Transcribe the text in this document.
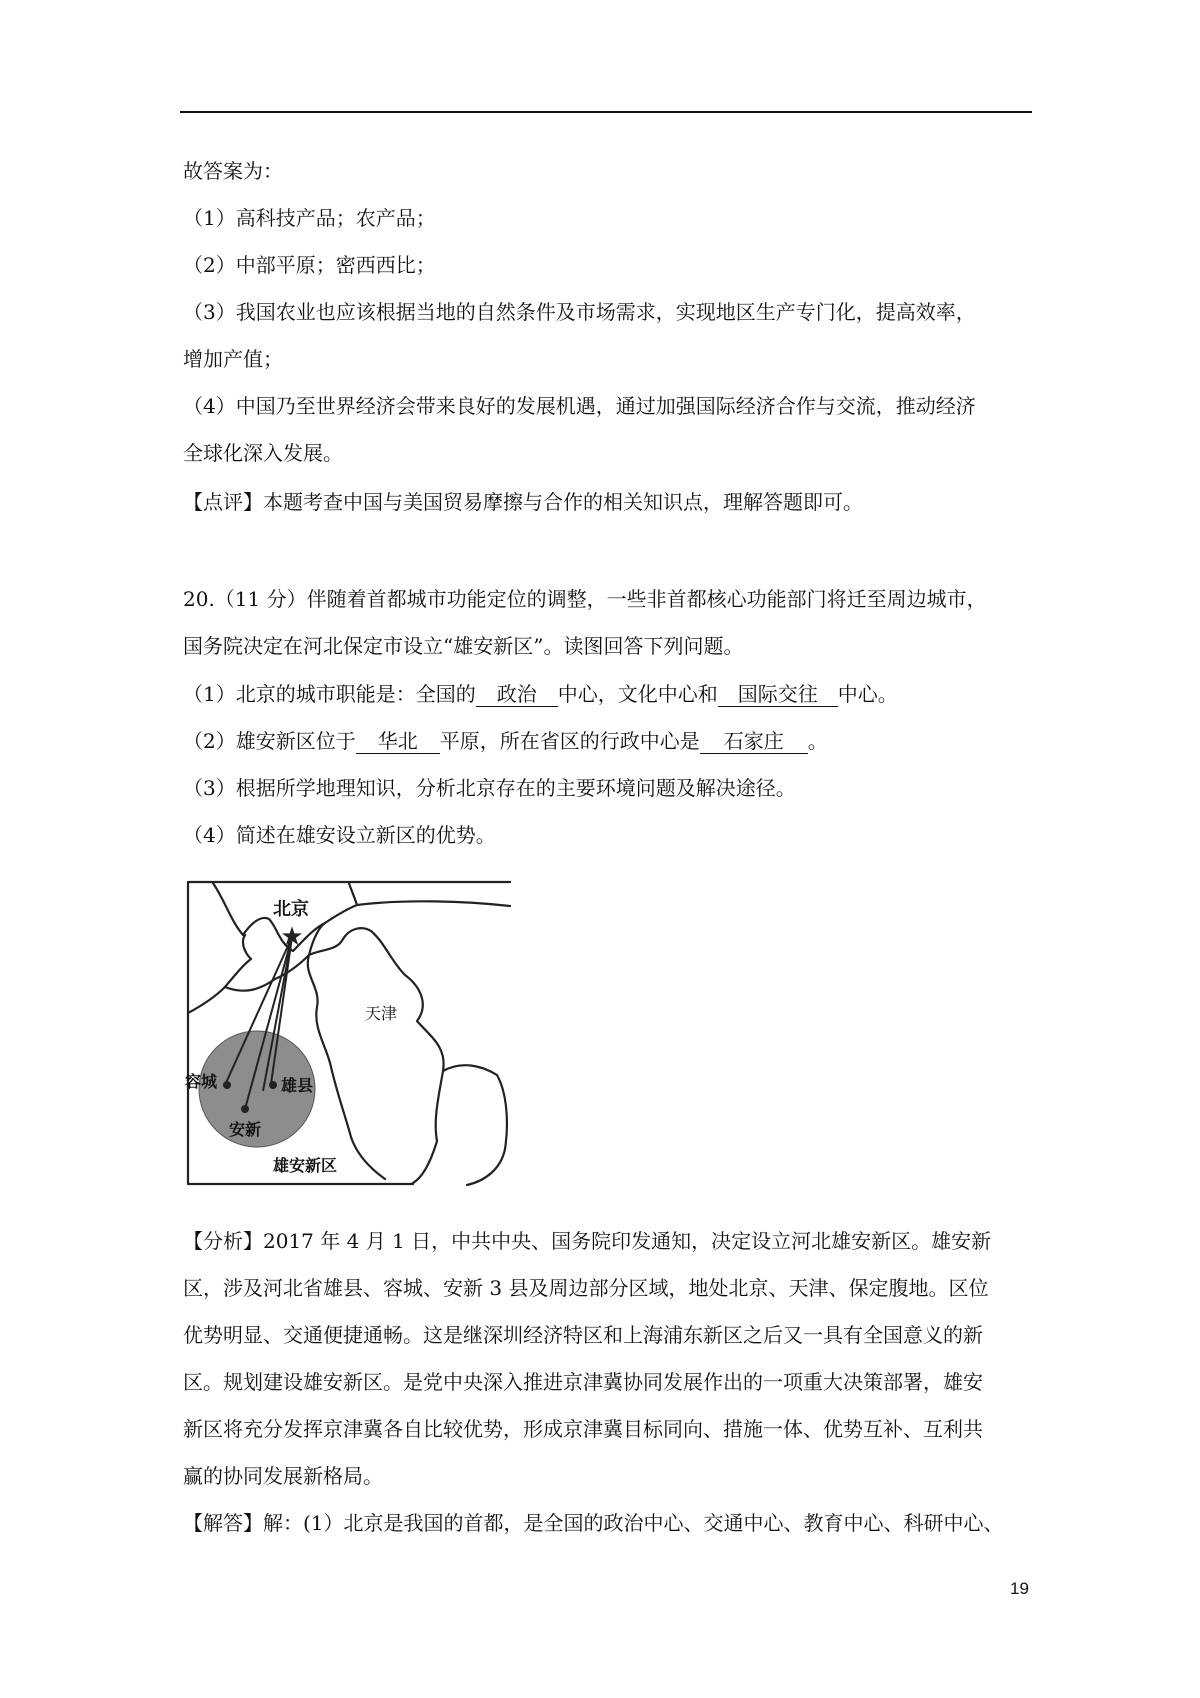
故答案为：
（1）高科技产品；农产品；
（2）中部平原；密西西比；
（3）我国农业也应该根据当地的自然条件及市场需求，实现地区生产专门化，提高效率，
增加产值；
（4）中国乃至世界经济会带来良好的发展机遇，通过加强国际经济合作与交流，推动经济
全球化深入发展。
【点评】本题考查中国与美国贸易摩擦与合作的相关知识点，理解答题即可。
20.（11 分）伴随着首都城市功能定位的调整，一些非首都核心功能部门将迁至周边城市，
国务院决定在河北保定市设立“雄安新区”。读图回答下列问题。
（1）北京的城市职能是：全国的 政治 中心，文化中心和 国际交往 中心。
（2）雄安新区位于 华北 平原，所在省区的行政中心是 石家庄 。
（3）根据所学地理知识，分析北京存在的主要环境问题及解决途径。
（4）简述在雄安设立新区的优势。
★
北京
天津
容城	雄县
安新
雄安新区
【分析】2017 年 4 月 1 日，中共中央、国务院印发通知，决定设立河北雄安新区。雄安新
区，涉及河北省雄县、容城、安新 3 县及周边部分区域，地处北京、天津、保定腹地。区位
优势明显、交通便捷通畅。这是继深圳经济特区和上海浦东新区之后又一具有全国意义的新
区。规划建设雄安新区。是党中央深入推进京津冀协同发展作出的一项重大决策部署，雄安
新区将充分发挥京津冀各自比较优势，形成京津冀目标同向、措施一体、优势互补、互利共
赢的协同发展新格局。
【解答】解：(1）北京是我国的首都，是全国的政治中心、交通中心、教育中心、科研中心、
19
